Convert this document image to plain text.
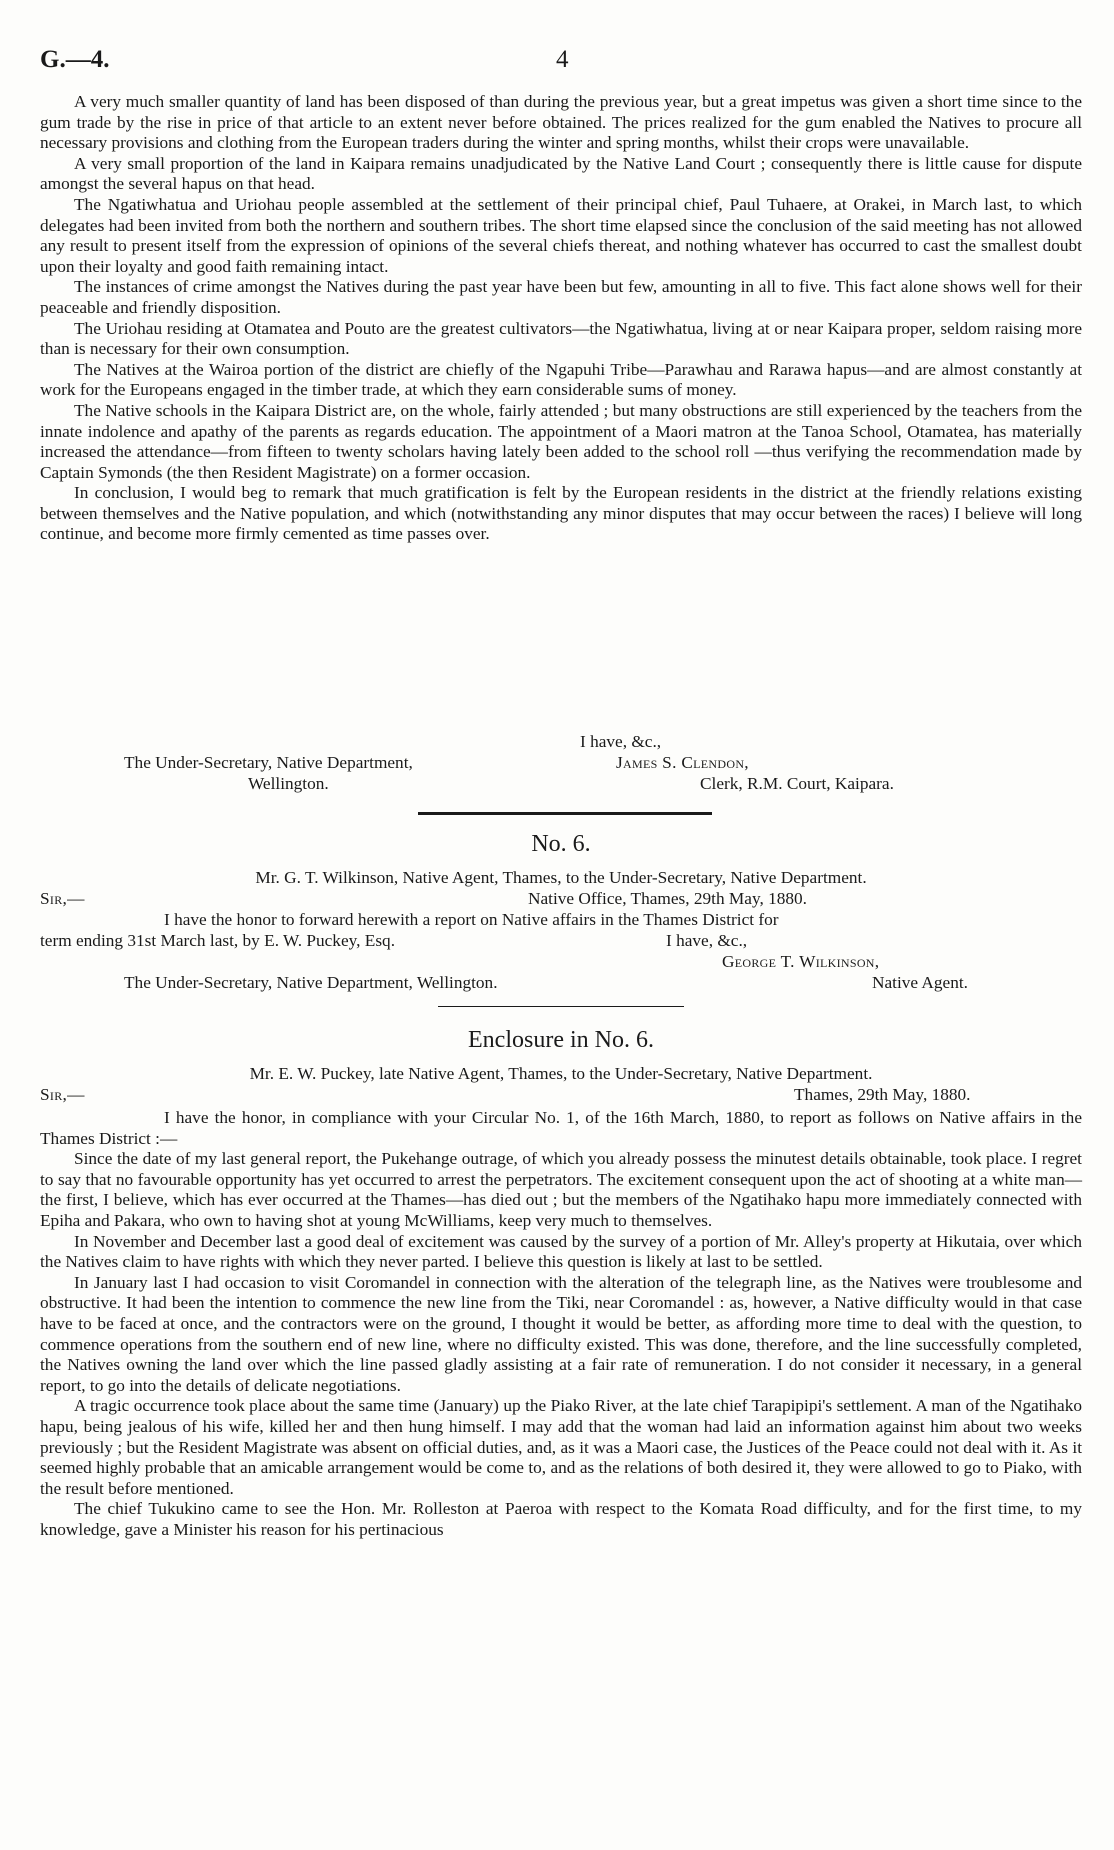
G.—4.	4

A very much smaller quantity of land has been disposed of than during the previous year, but a great impetus was given a short time since to the gum trade by the rise in price of that article to an extent never before obtained. The prices realized for the gum enabled the Natives to procure all necessary provisions and clothing from the European traders during the winter and spring months, whilst their crops were unavailable.

A very small proportion of the land in Kaipara remains unadjudicated by the Native Land Court ; consequently there is little cause for dispute amongst the several hapus on that head.

The Ngatiwhatua and Uriohau people assembled at the settlement of their principal chief, Paul Tuhaere, at Orakei, in March last, to which delegates had been invited from both the northern and southern tribes. The short time elapsed since the conclusion of the said meeting has not allowed any result to present itself from the expression of opinions of the several chiefs thereat, and nothing whatever has occurred to cast the smallest doubt upon their loyalty and good faith remaining intact.

The instances of crime amongst the Natives during the past year have been but few, amounting in all to five. This fact alone shows well for their peaceable and friendly disposition.

The Uriohau residing at Otamatea and Pouto are the greatest cultivators—the Ngatiwhatua, living at or near Kaipara proper, seldom raising more than is necessary for their own consumption.

The Natives at the Wairoa portion of the district are chiefly of the Ngapuhi Tribe—Parawhau and Rarawa hapus—and are almost constantly at work for the Europeans engaged in the timber trade, at which they earn considerable sums of money.

The Native schools in the Kaipara District are, on the whole, fairly attended ; but many obstructions are still experienced by the teachers from the innate indolence and apathy of the parents as regards education. The appointment of a Maori matron at the Tanoa School, Otamatea, has materially increased the attendance—from fifteen to twenty scholars having lately been added to the school roll —thus verifying the recommendation made by Captain Symonds (the then Resident Magistrate) on a former occasion.

In conclusion, I would beg to remark that much gratification is felt by the European residents in the district at the friendly relations existing between themselves and the Native population, and which (notwithstanding any minor disputes that may occur between the races) I believe will long continue, and become more firmly cemented as time passes over.

I have, &c.,
The Under-Secretary, Native Department,	James S. Clendon,
Wellington.	Clerk, R.M. Court, Kaipara.
No. 6.
Mr. G. T. Wilkinson, Native Agent, Thames, to the Under-Secretary, Native Department.
Sir,—	Native Office, Thames, 29th May, 1880.
I have the honor to forward herewith a report on Native affairs in the Thames District for
term ending 31st March last, by E. W. Puckey, Esq.	I have, &c.,
George T. Wilkinson,
The Under-Secretary, Native Department, Wellington.	Native Agent.
Enclosure in No. 6.
Mr. E. W. Puckey, late Native Agent, Thames, to the Under-Secretary, Native Department.
Sir,—	Thames, 29th May, 1880.

I have the honor, in compliance with your Circular No. 1, of the 16th March, 1880, to report as follows on Native affairs in the Thames District :—

Since the date of my last general report, the Pukehange outrage, of which you already possess the minutest details obtainable, took place. I regret to say that no favourable opportunity has yet occurred to arrest the perpetrators. The excitement consequent upon the act of shooting at a white man—the first, I believe, which has ever occurred at the Thames—has died out ; but the members of the Ngatihako hapu more immediately connected with Epiha and Pakara, who own to having shot at young McWilliams, keep very much to themselves.

In November and December last a good deal of excitement was caused by the survey of a portion of Mr. Alley's property at Hikutaia, over which the Natives claim to have rights with which they never parted. I believe this question is likely at last to be settled.

In January last I had occasion to visit Coromandel in connection with the alteration of the telegraph line, as the Natives were troublesome and obstructive. It had been the intention to commence the new line from the Tiki, near Coromandel : as, however, a Native difficulty would in that case have to be faced at once, and the contractors were on the ground, I thought it would be better, as affording more time to deal with the question, to commence operations from the southern end of new line, where no difficulty existed. This was done, therefore, and the line successfully completed, the Natives owning the land over which the line passed gladly assisting at a fair rate of remuneration. I do not consider it necessary, in a general report, to go into the details of delicate negotiations.

A tragic occurrence took place about the same time (January) up the Piako River, at the late chief Tarapipipi's settlement. A man of the Ngatihako hapu, being jealous of his wife, killed her and then hung himself. I may add that the woman had laid an information against him about two weeks previously ; but the Resident Magistrate was absent on official duties, and, as it was a Maori case, the Justices of the Peace could not deal with it. As it seemed highly probable that an amicable arrangement would be come to, and as the relations of both desired it, they were allowed to go to Piako, with the result before mentioned.

The chief Tukukino came to see the Hon. Mr. Rolleston at Paeroa with respect to the Komata Road difficulty, and for the first time, to my knowledge, gave a Minister his reason for his pertinacious
